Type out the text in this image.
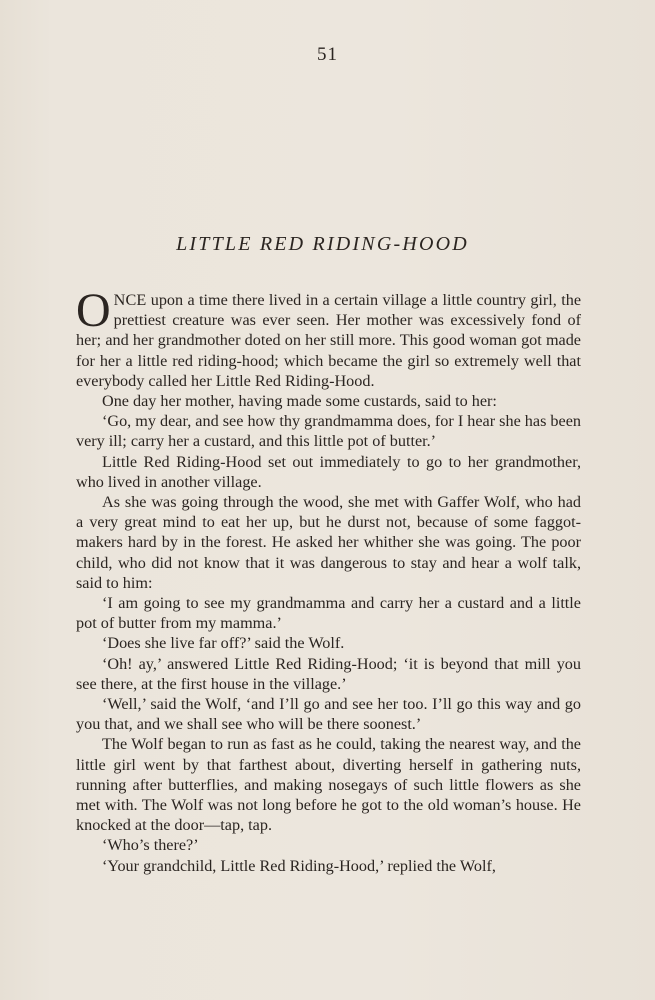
51
LITTLE RED RIDING-HOOD

ONCE upon a time there lived in a certain village a little country girl, the prettiest creature was ever seen. Her mother was excessively fond of her; and her grandmother doted on her still more. This good woman got made for her a little red riding-hood; which became the girl so extremely well that everybody called her Little Red Riding-Hood.

One day her mother, having made some custards, said to her:

‘Go, my dear, and see how thy grandmamma does, for I hear she has been very ill; carry her a custard, and this little pot of butter.’

Little Red Riding-Hood set out immediately to go to her grandmother, who lived in another village.

As she was going through the wood, she met with Gaffer Wolf, who had a very great mind to eat her up, but he durst not, because of some faggot-makers hard by in the forest. He asked her whither she was going. The poor child, who did not know that it was dangerous to stay and hear a wolf talk, said to him:

‘I am going to see my grandmamma and carry her a custard and a little pot of butter from my mamma.’

‘Does she live far off?’ said the Wolf.

‘Oh! ay,’ answered Little Red Riding-Hood; ‘it is beyond that mill you see there, at the first house in the village.’

‘Well,’ said the Wolf, ‘and I’ll go and see her too. I’ll go this way and go you that, and we shall see who will be there soonest.’

The Wolf began to run as fast as he could, taking the nearest way, and the little girl went by that farthest about, diverting herself in gathering nuts, running after butterflies, and making nosegays of such little flowers as she met with. The Wolf was not long before he got to the old woman’s house. He knocked at the door—tap, tap.

‘Who’s there?’

‘Your grandchild, Little Red Riding-Hood,’ replied the Wolf,
